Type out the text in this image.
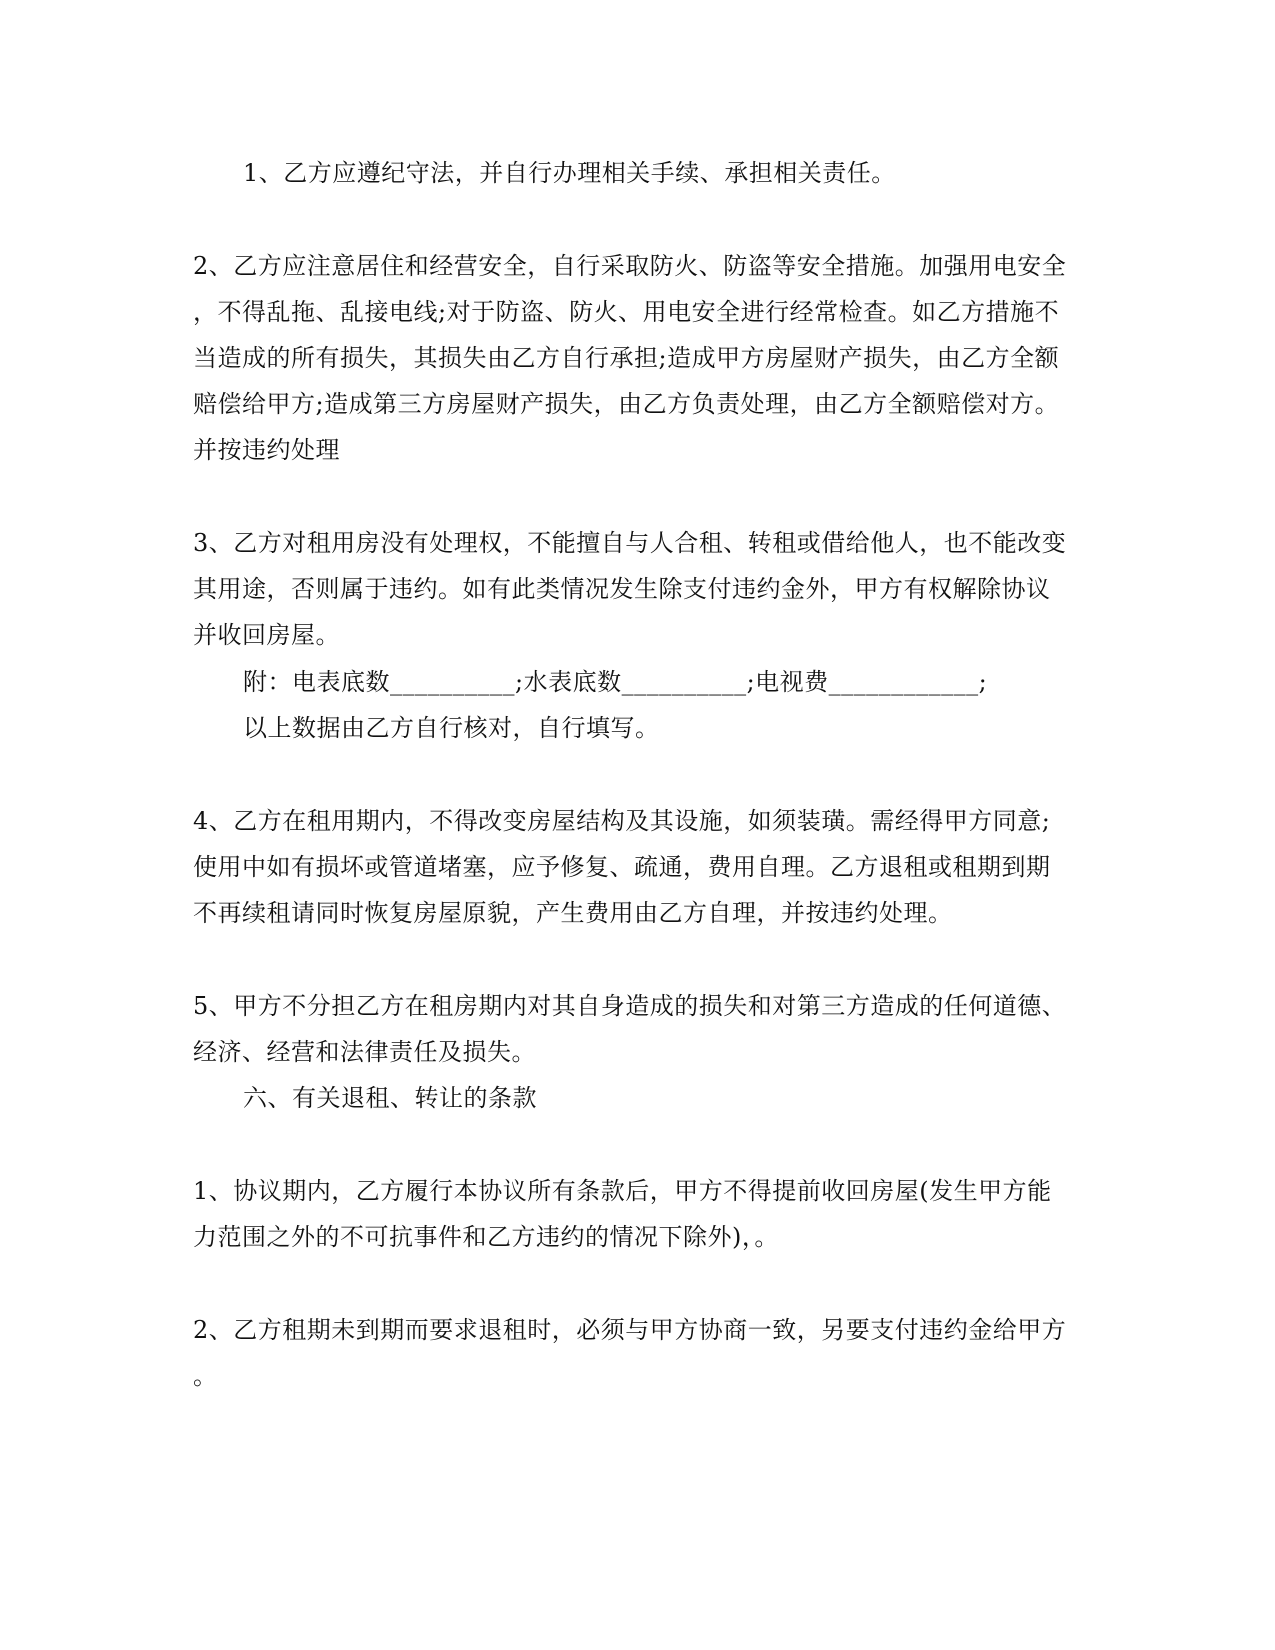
1、乙方应遵纪守法，并自行办理相关手续、承担相关责任。
2、乙方应注意居住和经营安全，自行采取防火、防盗等安全措施。加强用电安全
，不得乱拖、乱接电线;对于防盗、防火、用电安全进行经常检查。如乙方措施不
当造成的所有损失，其损失由乙方自行承担;造成甲方房屋财产损失，由乙方全额
赔偿给甲方;造成第三方房屋财产损失，由乙方负责处理，由乙方全额赔偿对方。
并按违约处理
3、乙方对租用房没有处理权，不能擅自与人合租、转租或借给他人，也不能改变
其用途，否则属于违约。如有此类情况发生除支付违约金外，甲方有权解除协议
并收回房屋。
附：电表底数__________;水表底数__________;电视费____________;
以上数据由乙方自行核对，自行填写。
4、乙方在租用期内，不得改变房屋结构及其设施，如须装璜。需经得甲方同意;
使用中如有损坏或管道堵塞，应予修复、疏通，费用自理。乙方退租或租期到期
不再续租请同时恢复房屋原貌，产生费用由乙方自理，并按违约处理。
5、甲方不分担乙方在租房期内对其自身造成的损失和对第三方造成的任何道德、
经济、经营和法律责任及损失。
六、有关退租、转让的条款
1、协议期内，乙方履行本协议所有条款后，甲方不得提前收回房屋(发生甲方能
力范围之外的不可抗事件和乙方违约的情况下除外)，。
2、乙方租期未到期而要求退租时，必须与甲方协商一致，另要支付违约金给甲方
。
